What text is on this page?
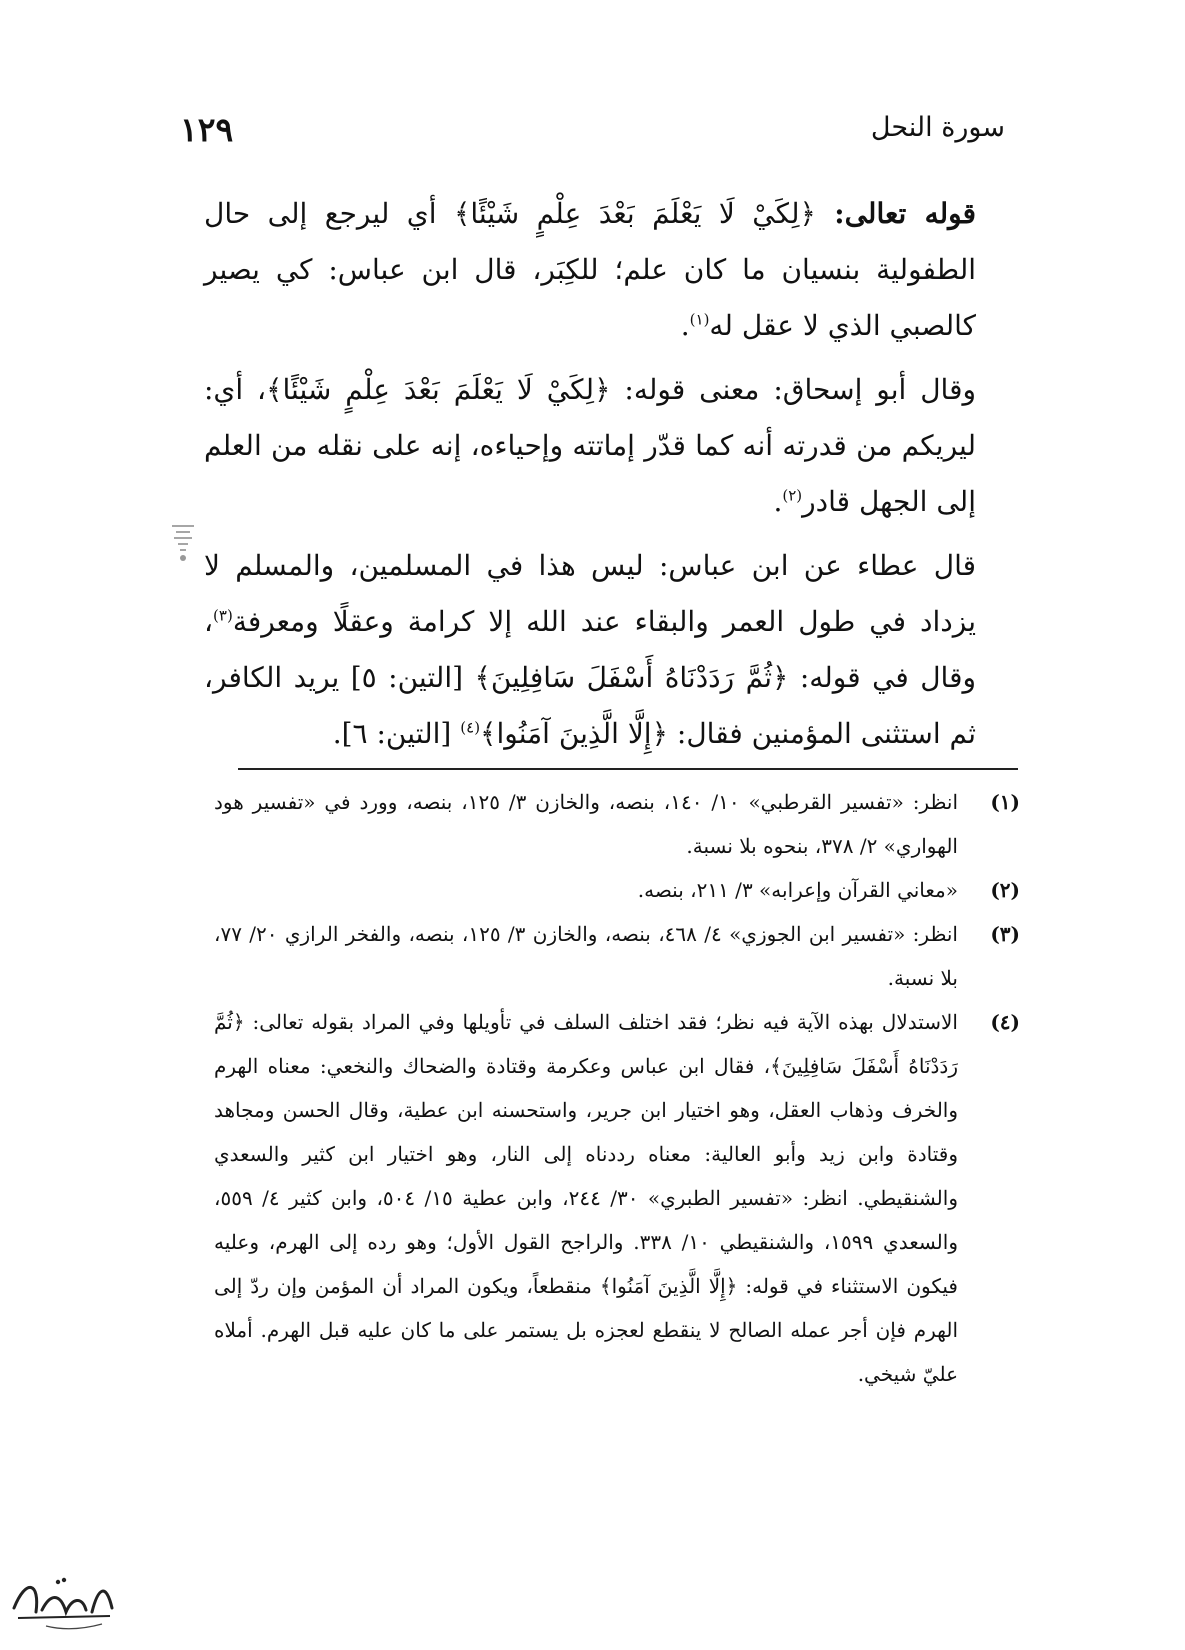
سورة النحل
١٢٩

قوله تعالى: ﴿لِكَيْ لَا يَعْلَمَ بَعْدَ عِلْمٍ شَيْئًا﴾ أي ليرجع إلى حال الطفولية بنسيان ما كان علم؛ للكِبَر، قال ابن عباس: كي يصير كالصبي الذي لا عقل له$^{(١)}$.

وقال أبو إسحاق: معنى قوله: ﴿لِكَيْ لَا يَعْلَمَ بَعْدَ عِلْمٍ شَيْئًا﴾، أي: ليريكم من قدرته أنه كما قدّر إماتته وإحياءه، إنه على نقله من العلم إلى الجهل قادر$^{(٢)}$.

قال عطاء عن ابن عباس: ليس هذا في المسلمين، والمسلم لا يزداد في طول العمر والبقاء عند الله إلا كرامة وعقلًا ومعرفة$^{(٣)}$، وقال في قوله: ﴿ثُمَّ رَدَدْنَاهُ أَسْفَلَ سَافِلِينَ﴾ [التين: ٥] يريد الكافر، ثم استثنى المؤمنين فقال: ﴿إِلَّا الَّذِينَ آمَنُوا﴾$^{(٤)}$ [التين: ٦].

(١)
انظر: «تفسير القرطبي» ١٠/ ١٤٠، بنصه، والخازن ٣/ ١٢٥، بنصه، وورد في «تفسير هود الهواري» ٢/ ٣٧٨، بنحوه بلا نسبة.
(٢)
«معاني القرآن وإعرابه» ٣/ ٢١١، بنصه.
(٣)
انظر: «تفسير ابن الجوزي» ٤/ ٤٦٨، بنصه، والخازن ٣/ ١٢٥، بنصه، والفخر الرازي ٢٠/ ٧٧، بلا نسبة.
(٤)
الاستدلال بهذه الآية فيه نظر؛ فقد اختلف السلف في تأويلها وفي المراد بقوله تعالى: ﴿ثُمَّ رَدَدْنَاهُ أَسْفَلَ سَافِلِينَ﴾، فقال ابن عباس وعكرمة وقتادة والضحاك والنخعي: معناه الهرم والخرف وذهاب العقل، وهو اختيار ابن جرير، واستحسنه ابن عطية، وقال الحسن ومجاهد وقتادة وابن زيد وأبو العالية: معناه رددناه إلى النار، وهو اختيار ابن كثير والسعدي والشنقيطي. انظر: «تفسير الطبري» ٣٠/ ٢٤٤، وابن عطية ١٥/ ٥٠٤، وابن كثير ٤/ ٥٥٩، والسعدي ١٥٩٩، والشنقيطي ١٠/ ٣٣٨. والراجح القول الأول؛ وهو رده إلى الهرم، وعليه فيكون الاستثناء في قوله: ﴿إِلَّا الَّذِينَ آمَنُوا﴾ منقطعاً، ويكون المراد أن المؤمن وإن ردّ إلى الهرم فإن أجر عمله الصالح لا ينقطع لعجزه بل يستمر على ما كان عليه قبل الهرم. أملاه عليّ شيخي.
